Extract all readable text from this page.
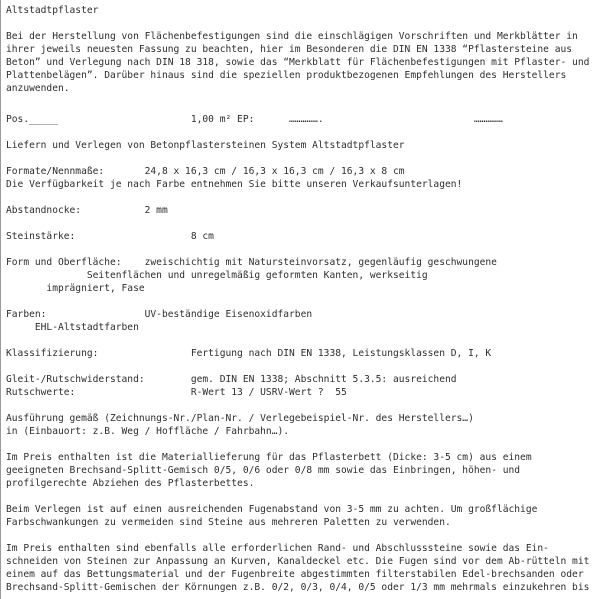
Altstadtpflaster

Bei der Herstellung von Flächenbefestigungen sind die einschlägigen Vorschriften und Merkblätter in
ihrer jeweils neuesten Fassung zu beachten, hier im Besonderen die DIN EN 1338 “Pflastersteine aus
Beton” und Verlegung nach DIN 18 318, sowie das “Merkblatt für Flächenbefestigungen mit Pflaster- und
Plattenbelägen”. Darüber hinaus sind die speziellen produktbezogenen Empfehlungen des Herstellers
anzuwenden.

Pos._____                       1,00 m² EP:      …………….                          ……………

Liefern und Verlegen von Betonpflastersteinen System Altstadtpflaster

Formate/Nennmaße:       24,8 x 16,3 cm / 16,3 x 16,3 cm / 16,3 x 8 cm
Die Verfügbarkeit je nach Farbe entnehmen Sie bitte unseren Verkaufsunterlagen!

Abstandnocke:           2 mm

Steinstärke:                    8 cm

Form und Oberfläche:    zweischichtig mit Natursteinvorsatz, gegenläufig geschwungene
Seitenflächen und unregelmäßig geformten Kanten, werkseitig
imprägniert, Fase

Farben:                 UV-beständige Eisenoxidfarben
EHL-Altstadtfarben

Klassifizierung:                Fertigung nach DIN EN 1338, Leistungsklassen D, I, K

Gleit-/Rutschwiderstand:        gem. DIN EN 1338; Abschnitt 5.3.5: ausreichend
Rutschwerte:                    R-Wert 13 / USRV-Wert ?  55

Ausführung gemäß (Zeichnungs-Nr./Plan-Nr. / Verlegebeispiel-Nr. des Herstellers…)
in (Einbauort: z.B. Weg / Hoffläche / Fahrbahn…).

Im Preis enthalten ist die Materiallieferung für das Pflasterbett (Dicke: 3-5 cm) aus einem
geeigneten Brechsand-Splitt-Gemisch 0/5, 0/6 oder 0/8 mm sowie das Einbringen, höhen- und
profilgerechte Abziehen des Pflasterbettes.

Beim Verlegen ist auf einen ausreichenden Fugenabstand von 3-5 mm zu achten. Um großflächige
Farbschwankungen zu vermeiden sind Steine aus mehreren Paletten zu verwenden.

Im Preis enthalten sind ebenfalls alle erforderlichen Rand- und Abschlusssteine sowie das Ein-
schneiden von Steinen zur Anpassung an Kurven, Kanaldeckel etc. Die Fugen sind vor dem Ab-rütteln mit
einem auf das Bettungsmaterial und der Fugenbreite abgestimmten filterstabilen Edel-brechsanden oder
Brechsand-Splitt-Gemischen der Körnungen z.B. 0/2, 0/3, 0/4, 0/5 oder 1/3 mm mehrmals einzukehren bis
